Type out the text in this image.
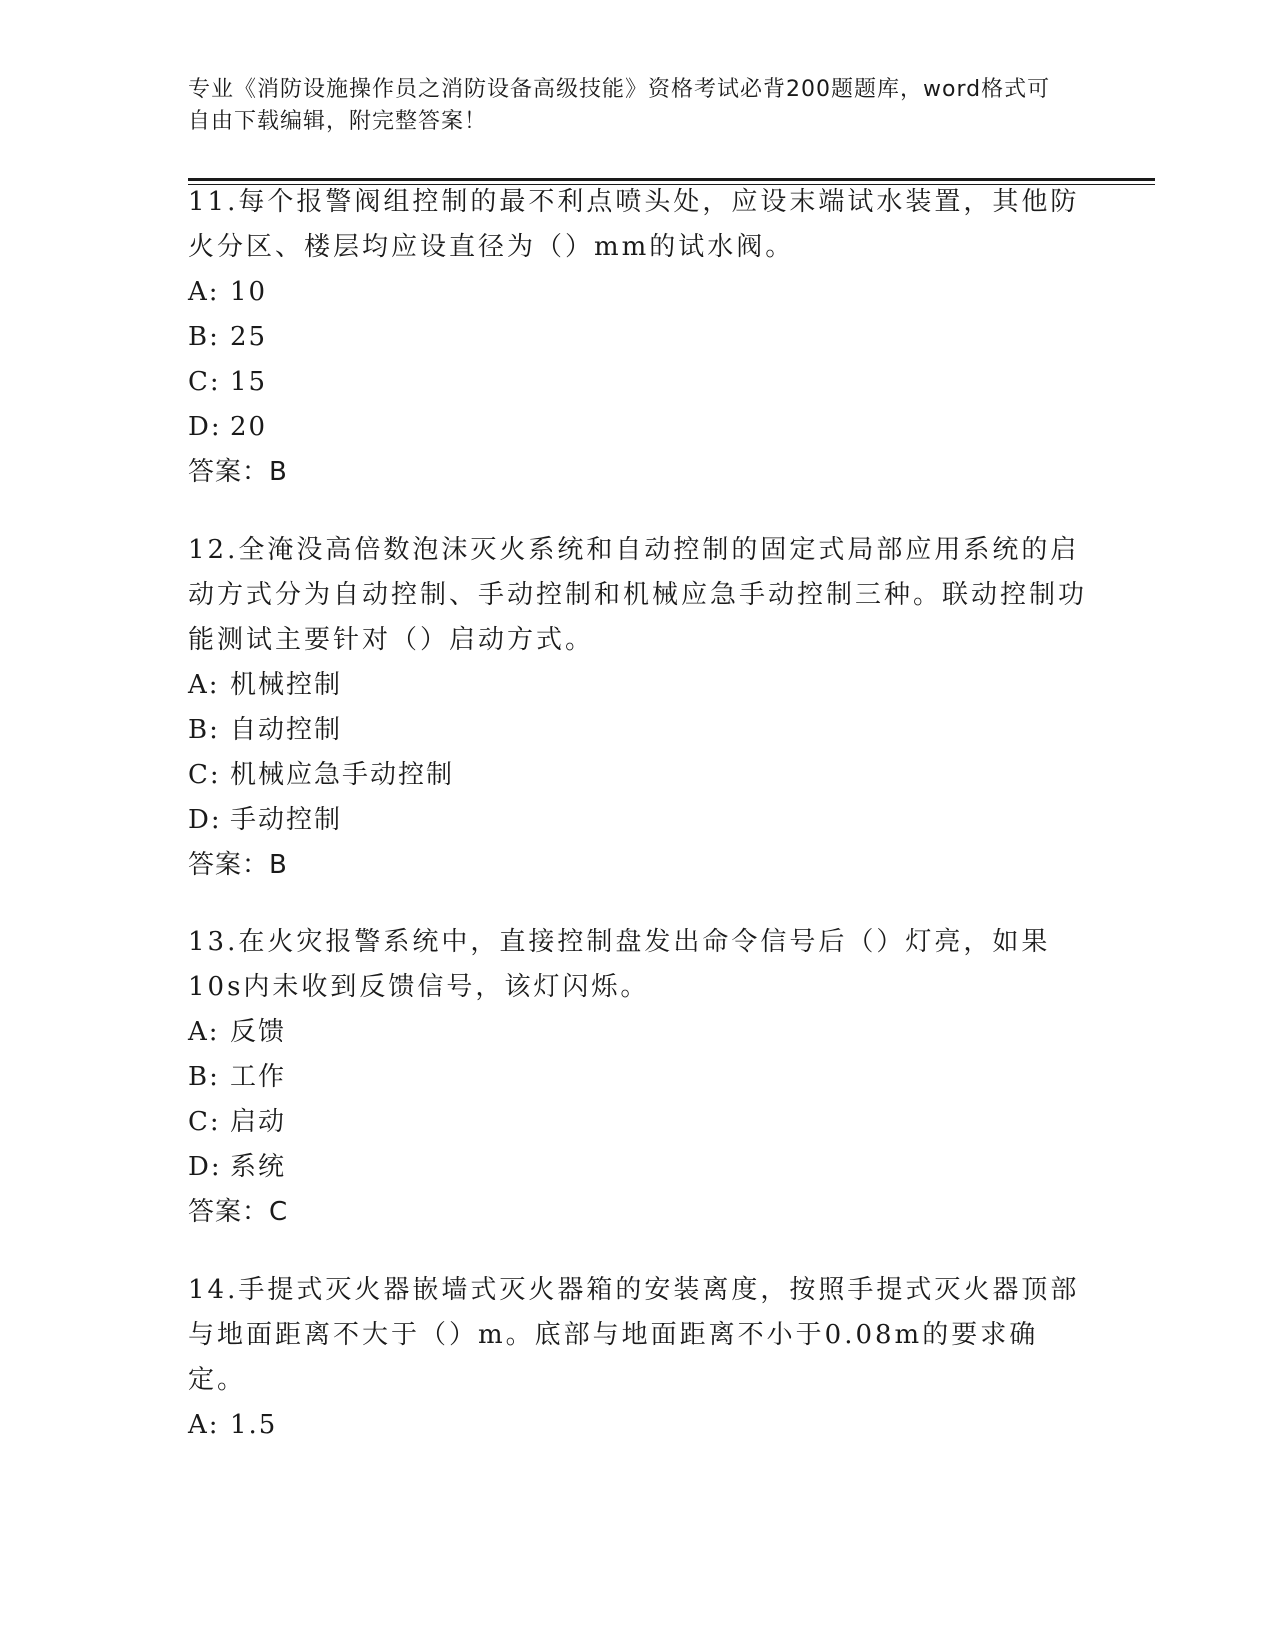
专业《消防设施操作员之消防设备高级技能》资格考试必背200题题库，word格式可自由下载编辑，附完整答案！
11.每个报警阀组控制的最不利点喷头处，应设末端试水装置，其他防火分区、楼层均应设直径为（）mm的试水阀。
A: 10
B: 25
C: 15
D: 20
答案：B
12.全淹没高倍数泡沫灭火系统和自动控制的固定式局部应用系统的启动方式分为自动控制、手动控制和机械应急手动控制三种。联动控制功能测试主要针对（）启动方式。
A: 机械控制
B: 自动控制
C: 机械应急手动控制
D: 手动控制
答案：B
13.在火灾报警系统中，直接控制盘发出命令信号后（）灯亮，如果10s内未收到反馈信号，该灯闪烁。
A: 反馈
B: 工作
C: 启动
D: 系统
答案：C
14.手提式灭火器嵌墙式灭火器箱的安装离度，按照手提式灭火器顶部与地面距离不大于（）m。底部与地面距离不小于0.08m的要求确定。
A: 1.5
